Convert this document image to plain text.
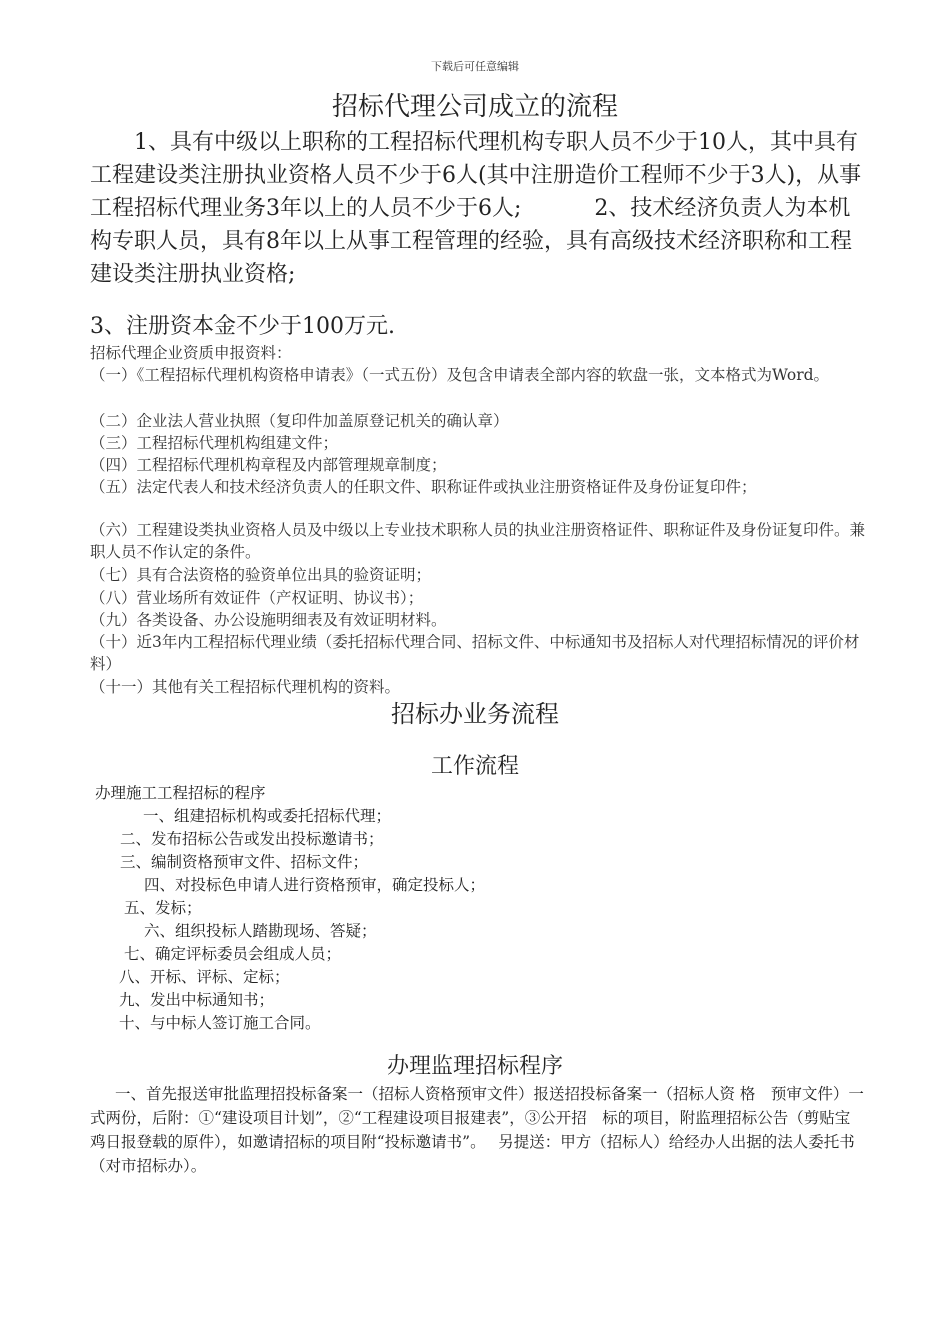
下载后可任意编辑
招标代理公司成立的流程
　　1、具有中级以上职称的工程招标代理机构专职人员不少于10人，其中具有工程建设类注册执业资格人员不少于6人(其中注册造价工程师不少于3人)，从事工程招标代理业务3年以上的人员不少于6人;　　　 2、技术经济负责人为本机构专职人员，具有8年以上从事工程管理的经验，具有高级技术经济职称和工程建设类注册执业资格;
3、注册资本金不少于100万元.
招标代理企业资质申报资料：
（一）《工程招标代理机构资格申请表》（一式五份）及包含申请表全部内容的软盘一张，文本格式为Word。
（二）企业法人营业执照（复印件加盖原登记机关的确认章）
（三）工程招标代理机构组建文件；
（四）工程招标代理机构章程及内部管理规章制度；
（五）法定代表人和技术经济负责人的任职文件、职称证件或执业注册资格证件及身份证复印件；
（六）工程建设类执业资格人员及中级以上专业技术职称人员的执业注册资格证件、职称证件及身份证复印件。兼职人员不作认定的条件。
（七）具有合法资格的验资单位出具的验资证明；
（八）营业场所有效证件（产权证明、协议书）；
（九）各类设备、办公设施明细表及有效证明材料。
（十）近3年内工程招标代理业绩（委托招标代理合同、招标文件、中标通知书及招标人对代理招标情况的评价材料）
（十一）其他有关工程招标代理机构的资料。
招标办业务流程
工作流程
办理施工工程招标的程序
一、组建招标机构或委托招标代理；
二、发布招标公告或发出投标邀请书；
三、编制资格预审文件、招标文件；
四、对投标色申请人进行资格预审，确定投标人；
五、发标；
六、组织投标人踏勘现场、答疑；
七、确定评标委员会组成人员；
八、开标、评标、定标；
九、发出中标通知书；
十、与中标人签订施工合同。
办理监理招标程序
一、首先报送审批监理招投标备案一（招标人资格预审文件）报送招投标备案一（招标人资 格　预审文件）一式两份，后附：①“建设项目计划”，②“工程建设项目报建表”，③公开招　标的项目，附监理招标公告（剪贴宝鸡日报登载的原件），如邀请招标的项目附“投标邀请书”。　 另提送：甲方（招标人）给经办人出据的法人委托书（对市招标办）。
